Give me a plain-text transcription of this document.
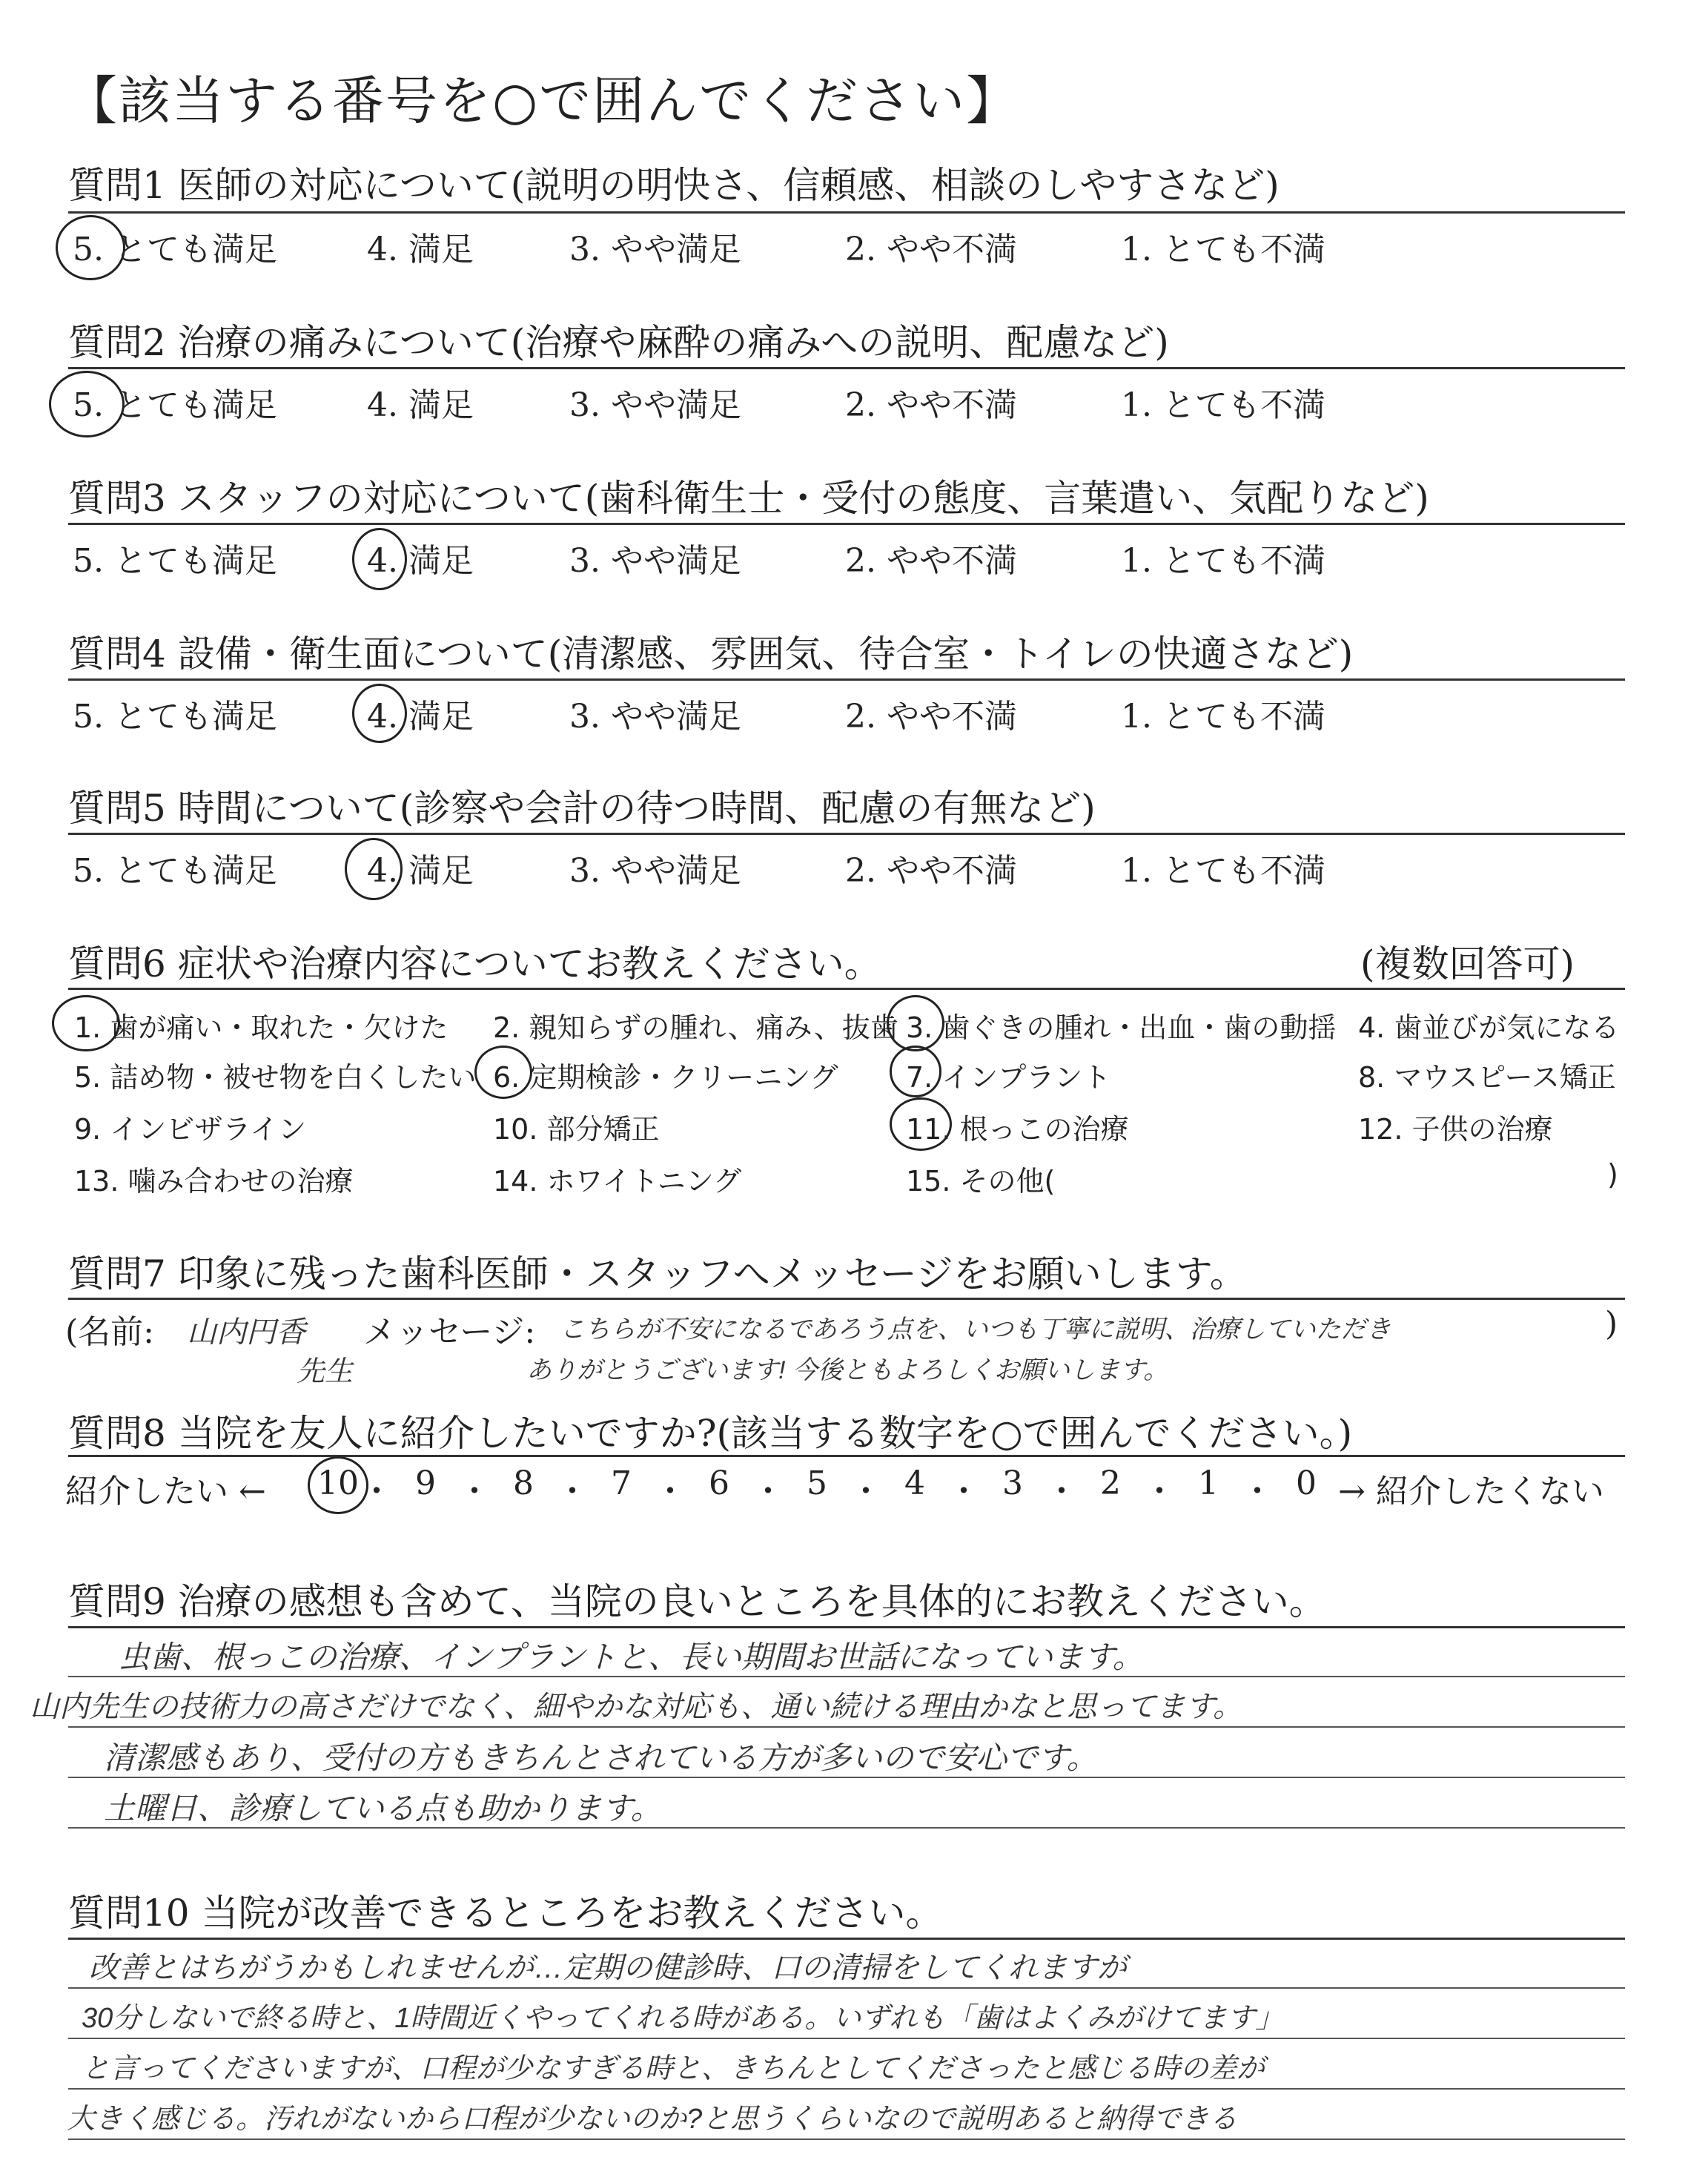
【該当する番号を○で囲んでください】
質問1 医師の対応について(説明の明快さ、信頼感、相談のしやすさなど)
5. とても満足	4. 満足	3. やや満足	2. やや不満	1. とても不満
質問2 治療の痛みについて(治療や麻酔の痛みへの説明、配慮など)
5. とても満足	4. 満足	3. やや満足	2. やや不満	1. とても不満
質問3 スタッフの対応について(歯科衛生士・受付の態度、言葉遣い、気配りなど)
5. とても満足	4. 満足	3. やや満足	2. やや不満	1. とても不満
質問4 設備・衛生面について(清潔感、雰囲気、待合室・トイレの快適さなど)
5. とても満足	4. 満足	3. やや満足	2. やや不満	1. とても不満
質問5 時間について(診察や会計の待つ時間、配慮の有無など)
5. とても満足	4. 満足	3. やや満足	2. やや不満	1. とても不満
質問6 症状や治療内容についてお教えください。	(複数回答可)
1. 歯が痛い・取れた・欠けた 2. 親知らずの腫れ、痛み、抜歯 3. 歯ぐきの腫れ・出血・歯の動揺 4. 歯並びが気になる
5. 詰め物・被せ物を白くしたい 6. 定期検診・クリーニング 7. インプラント	8. マウスピース矯正
9. インビザライン	10. 部分矯正	11. 根っこの治療	12. 子供の治療
13. 噛み合わせの治療	14. ホワイトニング	15. その他(	)
質問7 印象に残った歯科医師・スタッフへメッセージをお願いします。
(名前: 山内円香
先生
メッセージ: こちらが不安になるであろう点を、いつも丁寧に説明、治療していただき
ありがとうございます! 今後ともよろしくお願いします。
)
質問8 当院を友人に紹介したいですか?(該当する数字を○で囲んでください。)
紹介したい ← 10 ・ 9 ・ 8 ・ 7 ・ 6 ・ 5 ・ 4 ・ 3 ・ 2 ・ 1 ・ 0 → 紹介したくない
質問9 治療の感想も含めて、当院の良いところを具体的にお教えください。
虫歯、根っこの治療、インプラントと、長い期間お世話になっています。
山内先生の技術力の高さだけでなく、細やかな対応も、通い続ける理由かなと思ってます。
清潔感もあり、受付の方もきちんとされている方が多いので安心です。
土曜日、診療している点も助かります。
質問10 当院が改善できるところをお教えください。
改善とはちがうかもしれませんが…定期の健診時、口の清掃をしてくれますが
30分しないで終る時と、1時間近くやってくれる時がある。いずれも「歯はよくみがけてます」
と言ってくださいますが、口程が少なすぎる時と、きちんとしてくださったと感じる時の差が
大きく感じる。汚れがないから口程が少ないのか?と思うくらいなので説明あると納得できる
